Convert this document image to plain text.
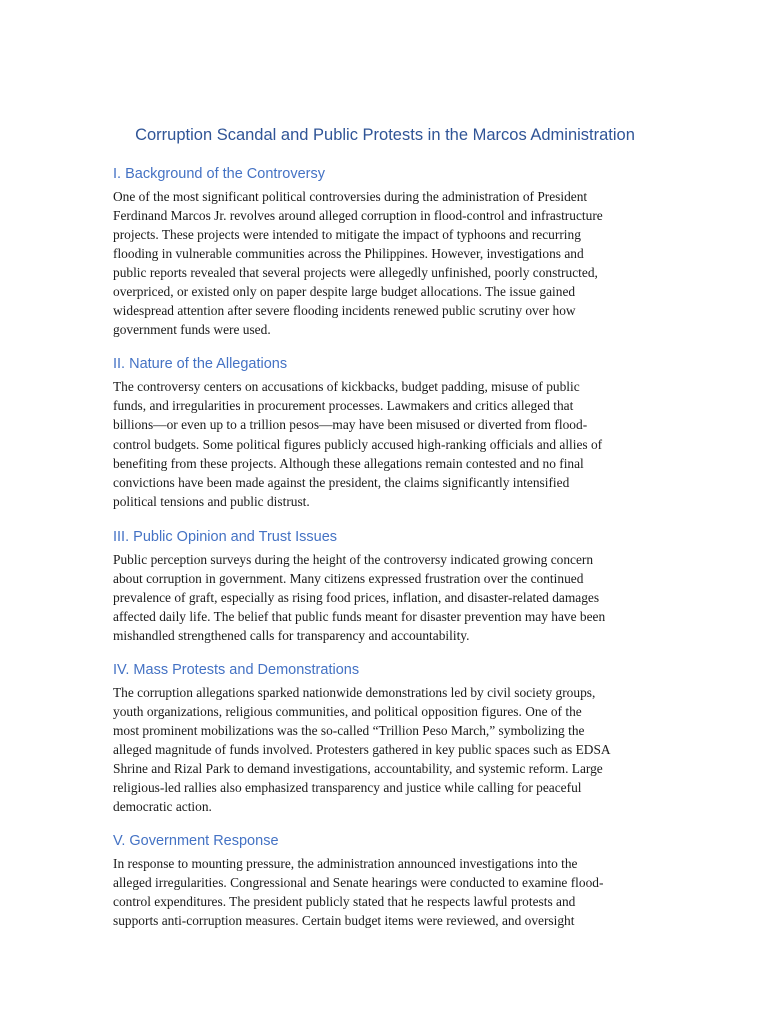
Corruption Scandal and Public Protests in the Marcos Administration
I. Background of the Controversy
One of the most significant political controversies during the administration of President
Ferdinand Marcos Jr. revolves around alleged corruption in flood-control and infrastructure
projects. These projects were intended to mitigate the impact of typhoons and recurring
flooding in vulnerable communities across the Philippines. However, investigations and
public reports revealed that several projects were allegedly unfinished, poorly constructed,
overpriced, or existed only on paper despite large budget allocations. The issue gained
widespread attention after severe flooding incidents renewed public scrutiny over how
government funds were used.
II. Nature of the Allegations
The controversy centers on accusations of kickbacks, budget padding, misuse of public
funds, and irregularities in procurement processes. Lawmakers and critics alleged that
billions—or even up to a trillion pesos—may have been misused or diverted from flood-
control budgets. Some political figures publicly accused high-ranking officials and allies of
benefiting from these projects. Although these allegations remain contested and no final
convictions have been made against the president, the claims significantly intensified
political tensions and public distrust.
III. Public Opinion and Trust Issues
Public perception surveys during the height of the controversy indicated growing concern
about corruption in government. Many citizens expressed frustration over the continued
prevalence of graft, especially as rising food prices, inflation, and disaster-related damages
affected daily life. The belief that public funds meant for disaster prevention may have been
mishandled strengthened calls for transparency and accountability.
IV. Mass Protests and Demonstrations
The corruption allegations sparked nationwide demonstrations led by civil society groups,
youth organizations, religious communities, and political opposition figures. One of the
most prominent mobilizations was the so-called “Trillion Peso March,” symbolizing the
alleged magnitude of funds involved. Protesters gathered in key public spaces such as EDSA
Shrine and Rizal Park to demand investigations, accountability, and systemic reform. Large
religious-led rallies also emphasized transparency and justice while calling for peaceful
democratic action.
V. Government Response
In response to mounting pressure, the administration announced investigations into the
alleged irregularities. Congressional and Senate hearings were conducted to examine flood-
control expenditures. The president publicly stated that he respects lawful protests and
supports anti-corruption measures. Certain budget items were reviewed, and oversight
